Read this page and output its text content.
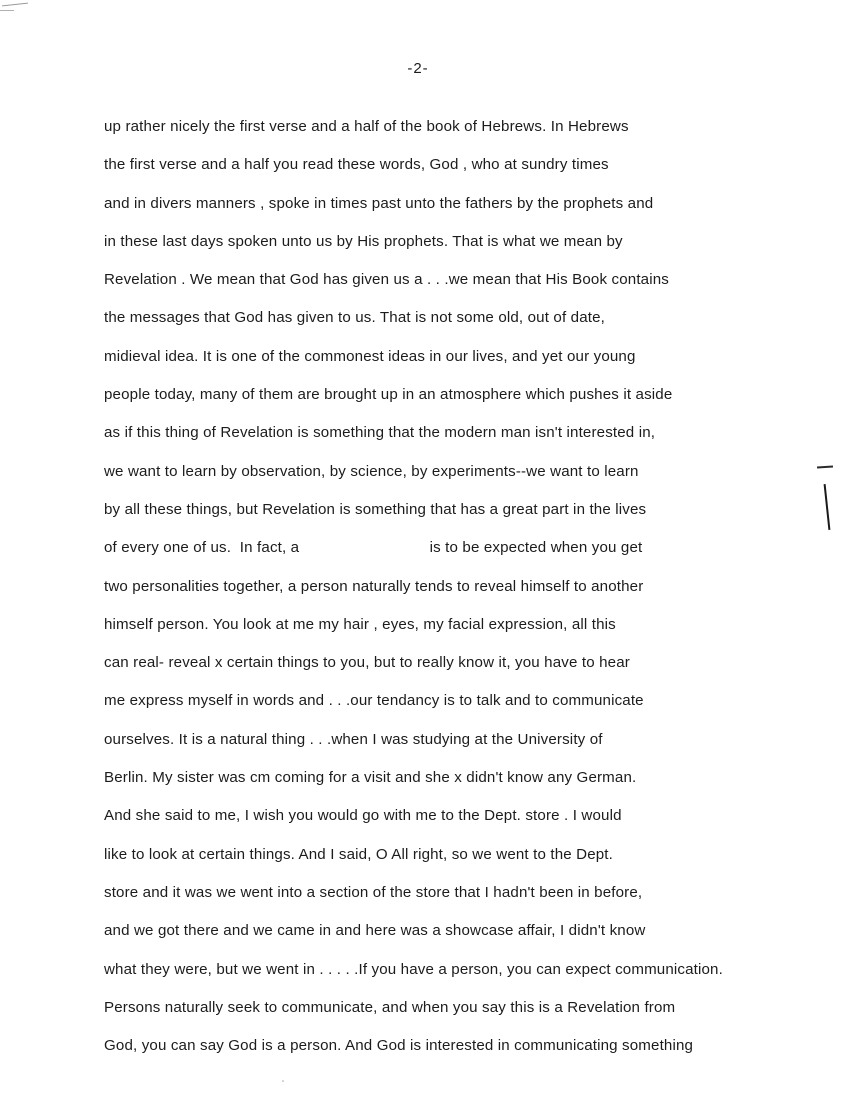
-2-
up rather nicely the first verse and a half of the book of Hebrews. In Hebrews
the first verse and a half you read these words, God , who at sundry times
and in divers manners , spoke in times past unto the fathers by the prophets and
in these last days spoken unto us by His prophets. That is what we mean by
Revelation . We mean that God has given us a . . .we mean that His Book contains
the messages that God has given to us. That is not some old, out of date,
midieval idea. It is one of the commonest ideas in our lives, and yet our young
people today, many of them are brought up in an atmosphere which pushes it aside
as if this thing of Revelation is something that the modern man isn't interested in,
we want to learn by observation, by science, by experiments--we want to learn
by all these things, but Revelation is something that has a great part in the lives
of every one of us.  In fact, a                              is to be expected when you get
two personalities together, a person naturally tends to reveal himself to another
himself person. You look at me my hair , eyes, my facial expression, all this
can real- reveal x certain things to you, but to really know it, you have to hear
me express myself in words and . . .our tendancy is to talk and to communicate
ourselves. It is a natural thing . . .when I was studying at the University of
Berlin. My sister was cm coming for a visit and she x didn't know any German.
And she said to me, I wish you would go with me to the Dept. store . I would
like to look at certain things. And I said, O All right, so we went to the Dept.
store and it was we went into a section of the store that I hadn't been in before,
and we got there and we came in and here was a showcase affair, I didn't know
what they were, but we went in . . . . .If you have a person, you can expect communication.
Persons naturally seek to communicate, and when you say this is a Revelation from
God, you can say God is a person. And God is interested in communicating something
